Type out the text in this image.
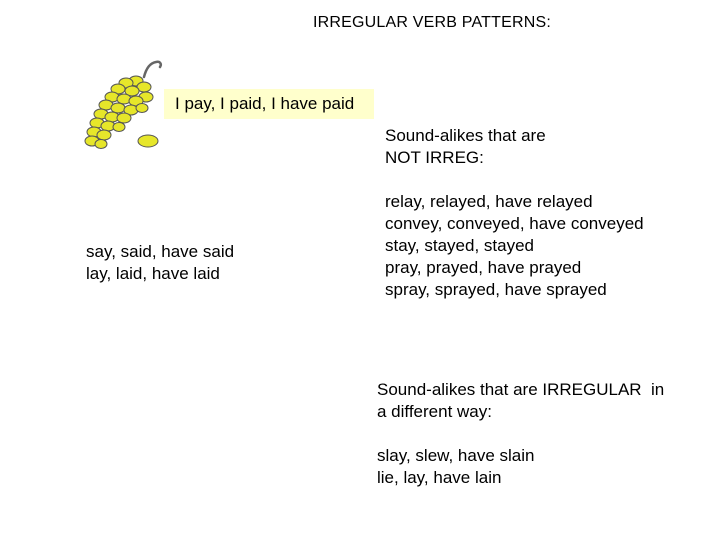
IRREGULAR VERB PATTERNS:
I pay, I paid, I have paid
say, said, have said
lay, laid, have laid
Sound-alikes that are
NOT IRREG:
relay, relayed, have relayed
convey, conveyed, have conveyed
stay, stayed, stayed
pray, prayed, have prayed
spray, sprayed, have sprayed
Sound-alikes that are IRREGULAR  in
a different way:
slay, slew, have slain
lie, lay, have lain
